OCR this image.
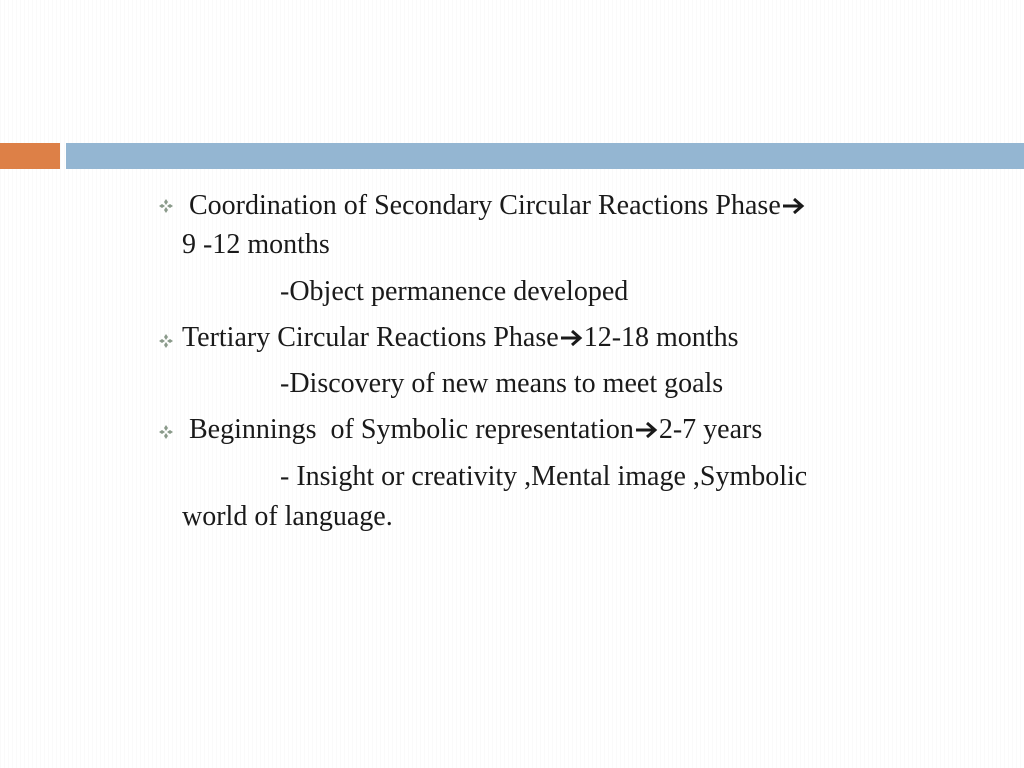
Coordination of Secondary Circular Reactions Phase
9 -12 months
-Object permanence developed
Tertiary Circular Reactions Phase 12-18 months
-Discovery of new means to meet goals
Beginnings  of Symbolic representation 2-7 years
- Insight or creativity ,Mental image ,Symbolic
world of language.
